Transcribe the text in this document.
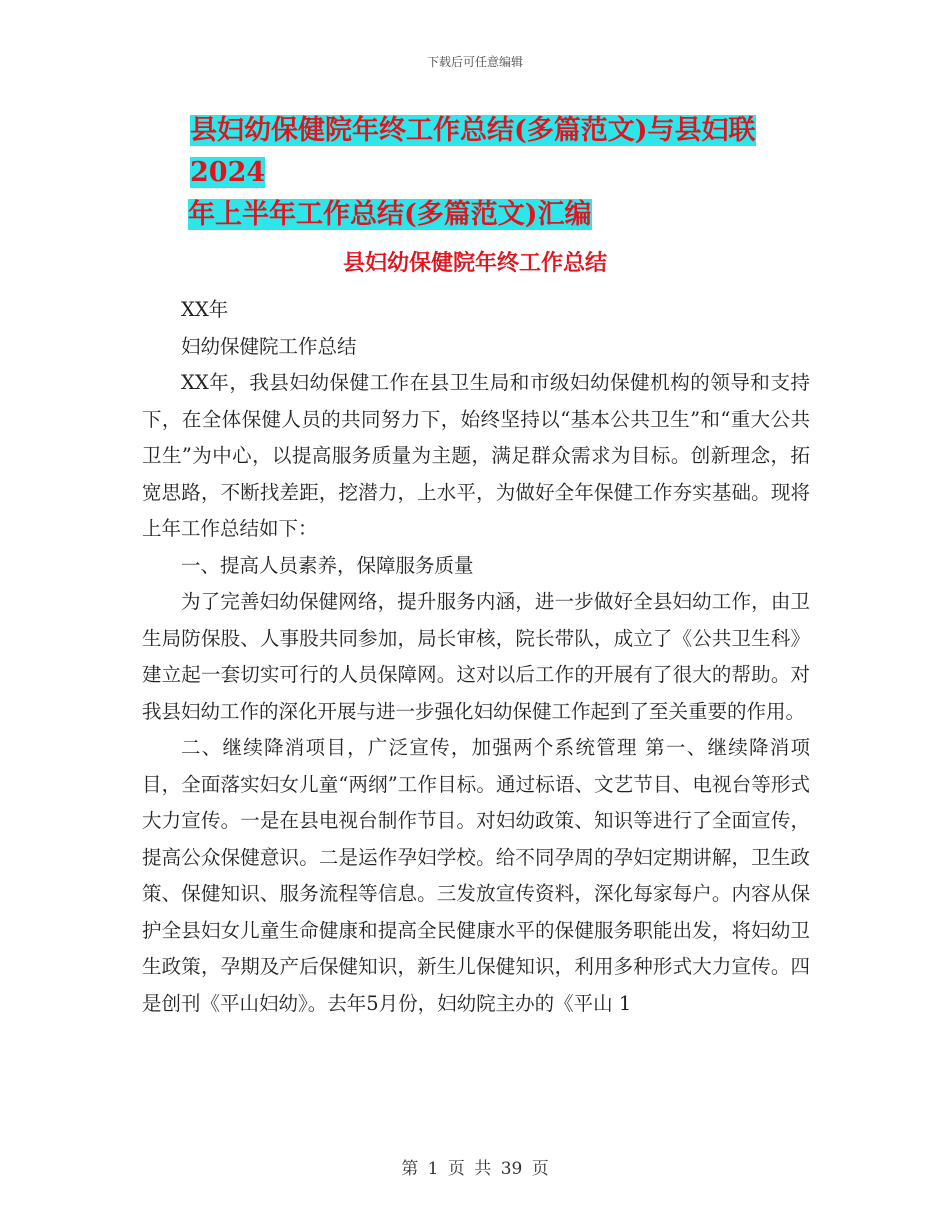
下载后可任意编辑
县妇幼保健院年终工作总结(多篇范文)与县妇联2024
年上半年工作总结(多篇范文)汇编
县妇幼保健院年终工作总结

XX年

妇幼保健院工作总结

XX年，我县妇幼保健工作在县卫生局和市级妇幼保健机构的领导和支持下，在全体保健人员的共同努力下，始终坚持以“基本公共卫生”和“重大公共卫生”为中心，以提高服务质量为主题，满足群众需求为目标。创新理念，拓宽思路，不断找差距，挖潜力，上水平，为做好全年保健工作夯实基础。现将上年工作总结如下：

一、提高人员素养，保障服务质量

为了完善妇幼保健网络，提升服务内涵，进一步做好全县妇幼工作，由卫生局防保股、人事股共同参加，局长审核，院长带队，成立了《公共卫生科》建立起一套切实可行的人员保障网。这对以后工作的开展有了很大的帮助。对我县妇幼工作的深化开展与进一步强化妇幼保健工作起到了至关重要的作用。

二、继续降消项目，广泛宣传，加强两个系统管理 第一、继续降消项目，全面落实妇女儿童“两纲”工作目标。通过标语、文艺节目、电视台等形式大力宣传。一是在县电视台制作节目。对妇幼政策、知识等进行了全面宣传，提高公众保健意识。二是运作孕妇学校。给不同孕周的孕妇定期讲解，卫生政策、保健知识、服务流程等信息。三发放宣传资料，深化每家每户。内容从保护全县妇女儿童生命健康和提高全民健康水平的保健服务职能出发，将妇幼卫生政策，孕期及产后保健知识，新生儿保健知识，利用多种形式大力宣传。四是创刊《平山妇幼》。去年5月份，妇幼院主办的《平山 1

第 1 页 共 39 页
